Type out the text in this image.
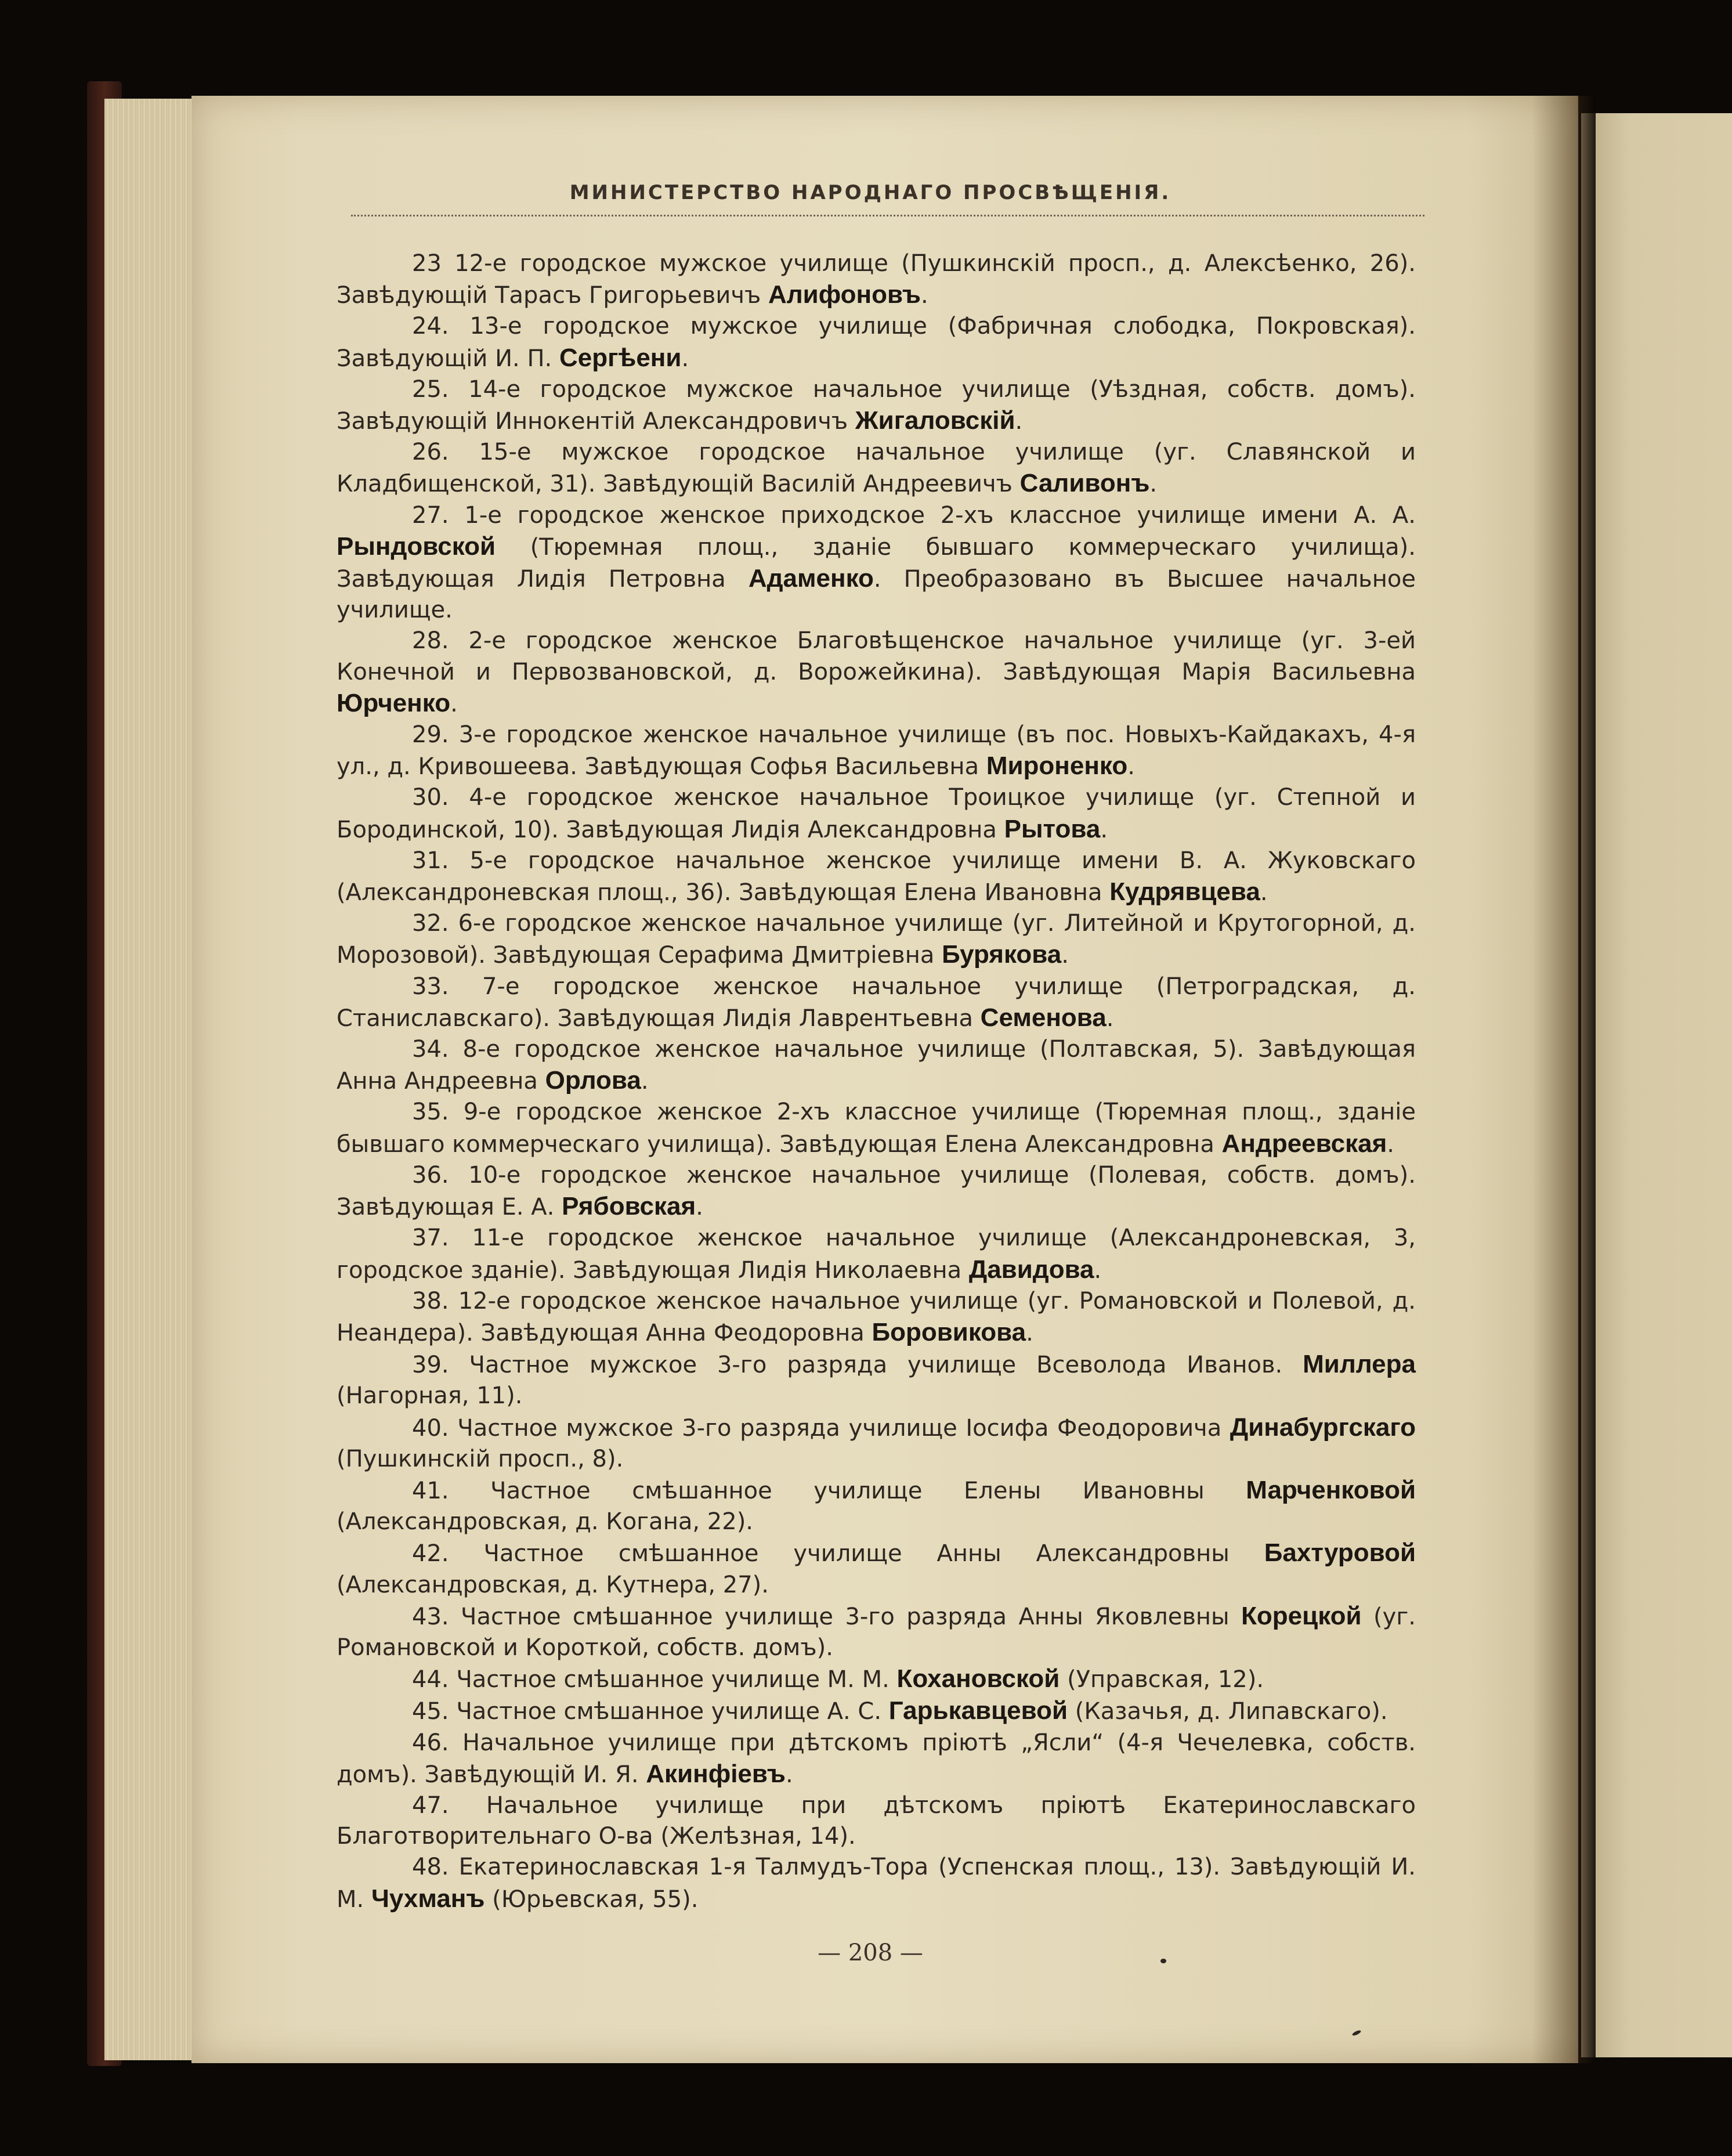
МИНИСТЕРСТВО НАРОДНАГО ПРОСВѢЩЕНІЯ.

23 12-е городское мужское училище (Пушкинскій просп., д. Алексѣенко, 26). Завѣдующій Тарасъ Григорьевичъ Алифоновъ.

24. 13-е городское мужское училище (Фабричная слободка, Покровская). Завѣдующій И. П. Сергѣени.

25. 14-е городское мужское начальное училище (Уѣздная, собств. домъ). Завѣдующій Иннокентій Александровичъ Жигаловскій.

26. 15-е мужское городское начальное училище (уг. Славянской и Кладбищенской, 31). Завѣдующій Василій Андреевичъ Саливонъ.

27. 1-е городское женское приходское 2-хъ классное училище имени А. А. Рындовской (Тюремная площ., зданіе бывшаго коммерческаго училища). Завѣдующая Лидія Петровна Адаменко. Преобразовано въ Высшее начальное училище.

28. 2-е городское женское Благовѣщенское начальное училище (уг. 3-ей Конечной и Первозвановской, д. Ворожейкина). Завѣдующая Марія Васильевна Юрченко.

29. 3-е городское женское начальное училище (въ пос. Новыхъ-Кайдакахъ, 4-я ул., д. Кривошеева. Завѣдующая Софья Васильевна Мироненко.

30. 4-е городское женское начальное Троицкое училище (уг. Степной и Бородинской, 10). Завѣдующая Лидія Александровна Рытова.

31. 5-е городское начальное женское училище имени В. А. Жуковскаго (Александроневская площ., 36). Завѣдующая Елена Ивановна Кудрявцева.

32. 6-е городское женское начальное училище (уг. Литейной и Крутогорной, д. Морозовой). Завѣдующая Серафима Дмитріевна Бурякова.

33. 7-е городское женское начальное училище (Петроградская, д. Станиславскаго). Завѣдующая Лидія Лаврентьевна Семенова.

34. 8-е городское женское начальное училище (Полтавская, 5). Завѣдующая Анна Андреевна Орлова.

35. 9-е городское женское 2-хъ классное училище (Тюремная площ., зданіе бывшаго коммерческаго училища). Завѣдующая Елена Александровна Андреевская.

36. 10-е городское женское начальное училище (Полевая, собств. домъ). Завѣдующая Е. А. Рябовская.

37. 11-е городское женское начальное училище (Александроневская, 3, городское зданіе). Завѣдующая Лидія Николаевна Давидова.

38. 12-е городское женское начальное училище (уг. Романовской и Полевой, д. Неандера). Завѣдующая Анна Феодоровна Боровикова.

39. Частное мужское 3-го разряда училище Всеволода Иванов. Миллера (Нагорная, 11).

40. Частное мужское 3-го разряда училище Іосифа Феодоровича Динабургскаго (Пушкинскій просп., 8).

41. Частное смѣшанное училище Елены Ивановны Марченковой (Александровская, д. Когана, 22).

42. Частное смѣшанное училище Анны Александровны Бахтуровой (Александровская, д. Кутнера, 27).

43. Частное смѣшанное училище 3-го разряда Анны Яковлевны Корецкой (уг. Романовской и Короткой, собств. домъ).

44. Частное смѣшанное училище М. М. Кохановской (Управская, 12).

45. Частное смѣшанное училище А. С. Гарькавцевой (Казачья, д. Липавскаго).

46. Начальное училище при дѣтскомъ пріютѣ „Ясли“ (4-я Чечелевка, собств. домъ). Завѣдующій И. Я. Акинфіевъ.

47. Начальное училище при дѣтскомъ пріютѣ Екатеринославскаго Благотворительнаго О-ва (Желѣзная, 14).

48. Екатеринославская 1-я Талмудъ-Тора (Успенская площ., 13). Завѣдующій И. М. Чухманъ (Юрьевская, 55).

— 208 —
